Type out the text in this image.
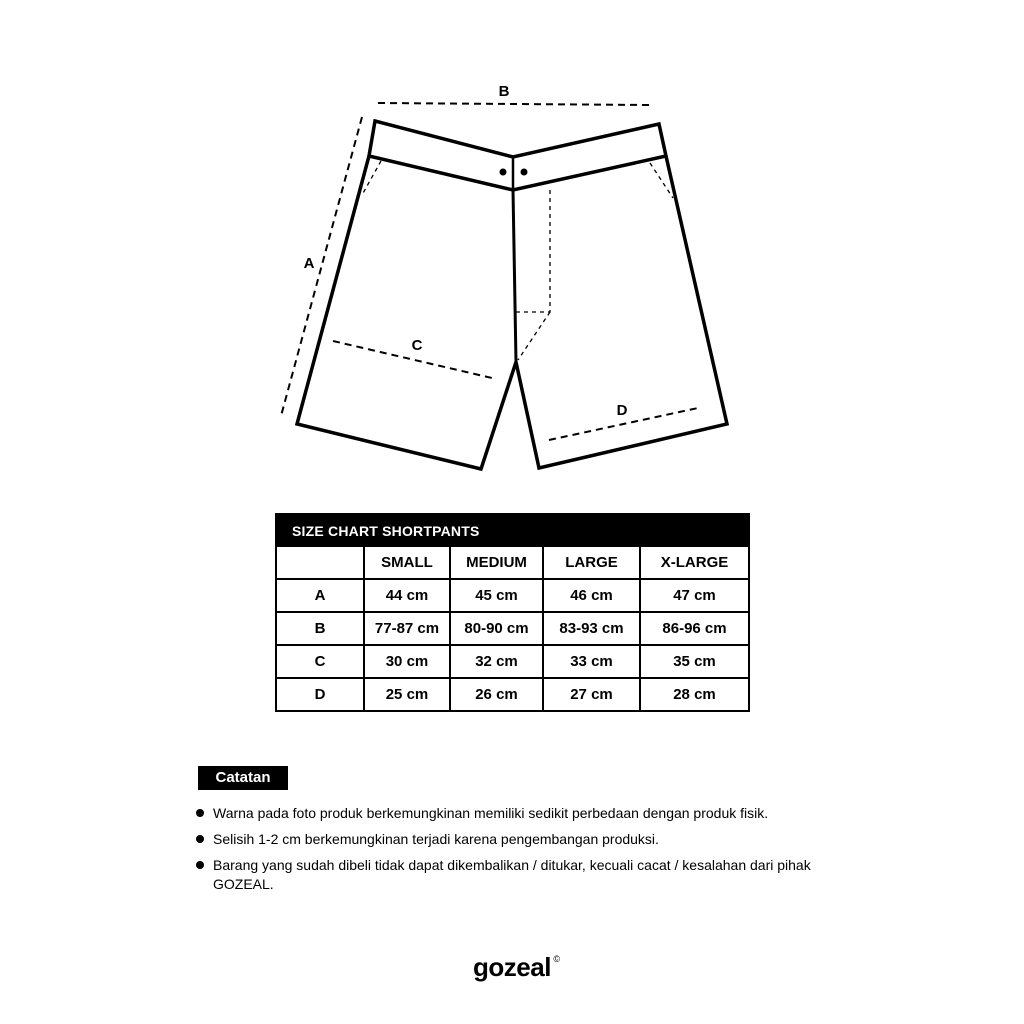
B
A
C
D
SIZE CHART SHORTPANTS
	SMALL	MEDIUM	LARGE	X-LARGE
A	44 cm	45 cm	46 cm	47 cm
B	77-87 cm	80-90 cm	83-93 cm	86-96 cm
C	30 cm	32 cm	33 cm	35 cm
D	25 cm	26 cm	27 cm	28 cm
Catatan
Warna pada foto produk berkemungkinan memiliki sedikit perbedaan dengan produk fisik.
Selisih 1-2 cm berkemungkinan terjadi karena pengembangan produksi.
Barang yang sudah dibeli tidak dapat dikembalikan / ditukar, kecuali cacat / kesalahan dari pihak GOZEAL.
gozeal ©
